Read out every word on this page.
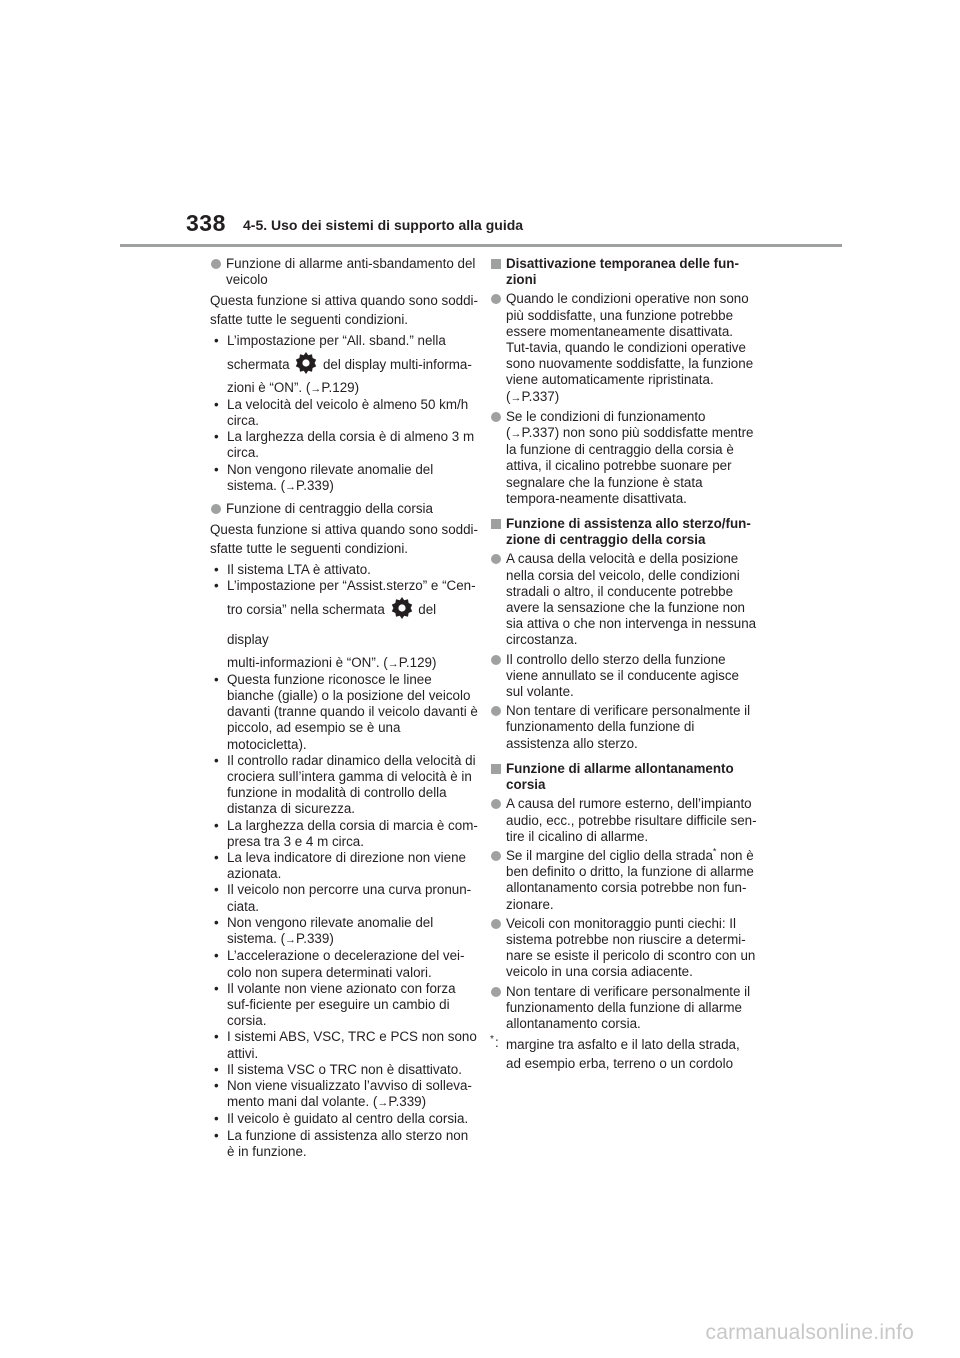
338 4-5. Uso dei sistemi di supporto alla guida
Funzione di allarme anti-sbandamento del veicolo
Questa funzione si attiva quando sono soddi-sfatte tutte le seguenti condizioni.
• L’impostazione per “All. sband.” nella
schermata del display multi-informa-
zioni è “ON”. (→P.129)
• La velocità del veicolo è almeno 50 km/h circa.
• La larghezza della corsia è di almeno 3 m circa.
• Non vengono rilevate anomalie del sistema. (→P.339)
Funzione di centraggio della corsia
Questa funzione si attiva quando sono soddi-sfatte tutte le seguenti condizioni.
• Il sistema LTA è attivato.
• L’impostazione per “Assist.sterzo” e “Cen-
tro corsia” nella schermata del display
multi-informazioni è “ON”. (→P.129)
• Questa funzione riconosce le linee bianche (gialle) o la posizione del veicolo davanti (tranne quando il veicolo davanti è piccolo, ad esempio se è una motocicletta).
• Il controllo radar dinamico della velocità di crociera sull’intera gamma di velocità è in funzione in modalità di controllo della distanza di sicurezza.
• La larghezza della corsia di marcia è com-presa tra 3 e 4 m circa.
• La leva indicatore di direzione non viene azionata.
• Il veicolo non percorre una curva pronun-ciata.
• Non vengono rilevate anomalie del sistema. (→P.339)
• L’accelerazione o decelerazione del vei-colo non supera determinati valori.
• Il volante non viene azionato con forza suf-ficiente per eseguire un cambio di corsia.
• I sistemi ABS, VSC, TRC e PCS non sono attivi.
• Il sistema VSC o TRC non è disattivato.
• Non viene visualizzato l’avviso di solleva-mento mani dal volante. (→P.339)
• Il veicolo è guidato al centro della corsia.
• La funzione di assistenza allo sterzo non è in funzione.
Disattivazione temporanea delle fun-zioni
Quando le condizioni operative non sono più soddisfatte, una funzione potrebbe essere momentaneamente disattivata. Tut-tavia, quando le condizioni operative sono nuovamente soddisfatte, la funzione viene automaticamente ripristinata. (→P.337)
Se le condizioni di funzionamento (→P.337) non sono più soddisfatte mentre la funzione di centraggio della corsia è attiva, il cicalino potrebbe suonare per segnalare che la funzione è stata tempora-neamente disattivata.
Funzione di assistenza allo sterzo/fun-zione di centraggio della corsia
A causa della velocità e della posizione nella corsia del veicolo, delle condizioni stradali o altro, il conducente potrebbe avere la sensazione che la funzione non sia attiva o che non intervenga in nessuna circostanza.
Il controllo dello sterzo della funzione viene annullato se il conducente agisce sul volante.
Non tentare di verificare personalmente il funzionamento della funzione di assistenza allo sterzo.
Funzione di allarme allontanamento corsia
A causa del rumore esterno, dell’impianto audio, ecc., potrebbe risultare difficile sen-tire il cicalino di allarme.
Se il margine del ciglio della strada* non è ben definito o dritto, la funzione di allarme allontanamento corsia potrebbe non fun-zionare.
Veicoli con monitoraggio punti ciechi: Il sistema potrebbe non riuscire a determi-nare se esiste il pericolo di scontro con un veicolo in una corsia adiacente.
Non tentare di verificare personalmente il funzionamento della funzione di allarme allontanamento corsia.
* : margine tra asfalto e il lato della strada, ad esempio erba, terreno o un cordolo
carmanualsonline.info
